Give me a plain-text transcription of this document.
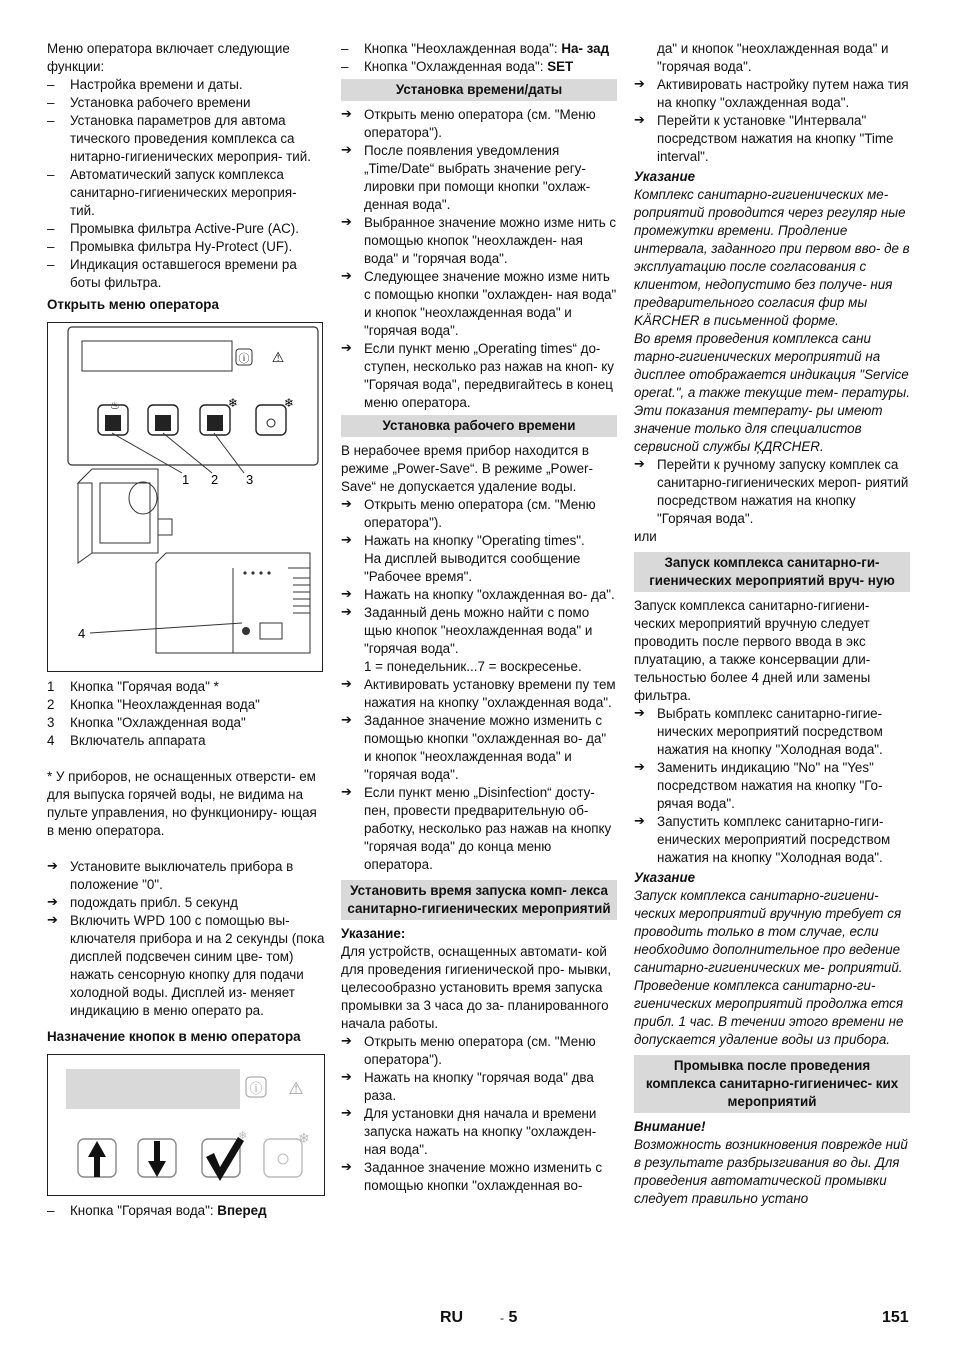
Меню оператора включает следующие функции:

– Настройка времени и даты.

– Установка рабочего времени

– Установка параметров для автома тического проведения комплекса са нитарно-гигиенических мероприя- тий.

– Автоматический запуск комплекса санитарно-гигиенических мероприя- тий.

– Промывка фильтра Active-Pure (AC).

– Промывка фильтра Hy-Protect (UF).

– Индикация оставшегося времени ра боты фильтра.

Открыть меню оператора

ⓘ ⚠
♨	❄	❄
1 2 3
4

1 Кнопка "Горячая вода" *

2 Кнопка "Неохлажденная вода"

3 Кнопка "Охлажденная вода"

4 Включатель аппарата

* У приборов, не оснащенных отверсти- ем для выпуска горячей воды, не видима на пульте управления, но функциониру- ющая в меню оператора.

➔ Установите выключатель прибора в положение "0".

➔ подождать прибл. 5 секунд

➔ Включить WPD 100 с помощью вы- ключателя прибора и на 2 секунды (пока дисплей подсвечен синим цве- том) нажать сенсорную кнопку для подачи холодной воды. Дисплей из- меняет индикацию в меню операто ра.

Назначение кнопок в меню оператора

ⓘ ⚠
❄
❄

– Кнопка "Горячая вода": Вперед

– Кнопка "Неохлажденная вода": На- зад

– Кнопка "Охлажденная вода": SET

Установка времени/даты

➔ Открыть меню оператора (см. "Меню оператора").

➔ После появления уведомления „Time/Date“ выбрать значение регу- лировки при помощи кнопки "охлаж- денная вода".

➔ Выбранное значение можно изме нить с помощью кнопок "неохлажден- ная вода" и "горячая вода".

➔ Следующее значение можно изме нить с помощью кнопки "охлажден- ная вода" и кнопок "неохлажденная вода" и "горячая вода".

➔ Если пункт меню „Operating times“ до- ступен, несколько раз нажав на кноп- ку "Горячая вода", передвигайтесь в конец меню оператора.

Установка рабочего времени

В нерабочее время прибор находится в режиме „Power-Save“. В режиме „Power- Save“ не допускается удаление воды.

➔ Открыть меню оператора (см. "Меню оператора").

➔ Нажать на кнопку "Operating times".

На дисплей выводится сообщение "Рабочее время".

➔ Нажать на кнопку "охлажденная во- да".

➔ Заданный день можно найти с помо щью кнопок "неохлажденная вода" и "горячая вода".

1 = понедельник...7 = воскресенье.

➔ Активировать установку времени пу тем нажатия на кнопку "охлажденная вода".

➔ Заданное значение можно изменить с помощью кнопки "охлажденная во- да" и кнопок "неохлажденная вода" и "горячая вода".

➔ Если пункт меню „Disinfection“ досту- пен, провести предварительную об- работку, несколько раз нажав на кнопку "горячая вода" до конца меню оператора.

Установить время запуска комп- лекса санитарно-гигиенических мероприятий

Указание:

Для устройств, оснащенных автомати- кой для проведения гигиенической про- мывки, целесообразно установить время запуска промывки за 3 часа до за- планированного начала работы.

➔ Открыть меню оператора (см. "Меню оператора").

➔ Нажать на кнопку "горячая вода" два раза.

➔ Для установки дня начала и времени запуска нажать на кнопку "охлажден- ная вода".

➔ Заданное значение можно изменить с помощью кнопки "охлажденная во-

да" и кнопок "неохлажденная вода" и "горячая вода".

➔ Активировать настройку путем нажа тия на кнопку "охлажденная вода".

➔ Перейти к установке "Интервала" посредством нажатия на кнопку "Time interval".

Указание

Комплекс санитарно-гигиенических ме- роприятий проводится через регуляр ные промежутки времени. Продление интервала, заданного при первом вво- де в эксплуатацию после согласования с клиентом, недопустимо без получе- ния предварительного согласия фир мы KÄRCHER в письменной форме.

Во время проведения комплекса сани тарно-гигиенических мероприятий на дисплее отображается индикация "Service operat.", а также текущие тем- пературы. Эти показания температу- ры имеют значение только для специалистов сервисной службы ĶДRCHER.

➔ Перейти к ручному запуску комплек са санитарно-гигиенических мероп- риятий посредством нажатия на кнопку "Горячая вода".

или

Запуск комплекса санитарно-ги- гиенических мероприятий вруч- ную

Запуск комплекса санитарно-гигиени- ческих мероприятий вручную следует проводить после первого ввода в экс плуатацию, а также консервации дли- тельностью более 4 дней или замены фильтра.

➔ Выбрать комплекс санитарно-гигие- нических мероприятий посредством нажатия на кнопку "Холодная вода".

➔ Заменить индикацию "No" на "Yes" посредством нажатия на кнопку "Го- рячая вода".

➔ Запустить комплекс санитарно-гиги- енических мероприятий посредством нажатия на кнопку "Холодная вода".

Указание

Запуск комплекса санитарно-гигиени- ческих мероприятий вручную требует ся проводить только в том случае, если необходимо дополнительное про ведение санитарно-гигиенических ме- роприятий.

Проведение комплекса санитарно-ги- гиенических мероприятий продолжа ется прибл. 1 час. В течении этого времени не допускается удаление воды из прибора.

Промывка после проведения комплекса санитарно-гигиеничес- ких мероприятий

Внимание!

Возможность возникновения поврежде ний в результате разбрызгивания во ды. Для проведения автоматической промывки следует правильно устано

RU	- 5	151
